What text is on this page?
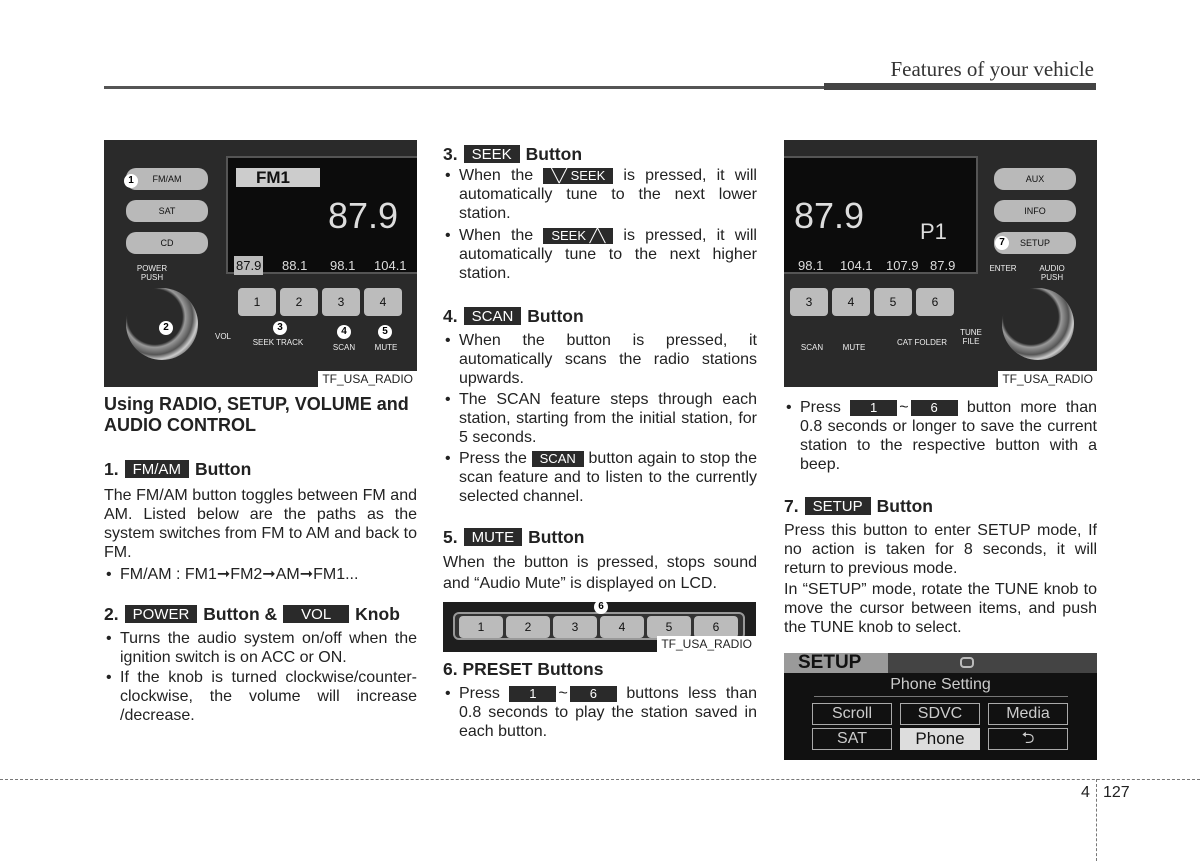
Features of your vehicle
FM1
87.9
87.9 88.1 98.1 104.1
FM/AM
SAT
CD
POWER PUSH
VOL
1	2	3	4
SEEK TRACK
SCAN	MUTE
1
2	3	4	5
TF_USA_RADIO
Using RADIO, SETUP, VOLUME and AUDIO CONTROL
1. FM/AM Button
The FM/AM button toggles between FM and AM. Listed below are the paths as the system switches from FM to AM and back to FM.
• FM/AM : FM1➞FM2➞AM➞FM1...
2. POWER Button &	VOL	Knob
• Turns the audio system on/off when the ignition switch is on ACC or ON.
• If the knob is turned clockwise/counter-clockwise, the volume will increase /decrease.
3. SEEK Button
• When the ╲╱ SEEK is pressed, it will automatically tune to the next lower station.
• When the SEEK ╱╲ is pressed, it will automatically tune to the next higher station.
4. SCAN Button
• When the button is pressed, it automatically scans the radio stations upwards.
• The SCAN feature steps through each station, starting from the initial station, for 5 seconds.
• Press the SCAN button again to stop the scan feature and to listen to the currently selected channel.
5. MUTE Button
When the button is pressed, stops sound and “Audio Mute” is displayed on LCD.
1	2	3	4	5	6
6
TF_USA_RADIO
6. PRESET Buttons
• Press 1 ~ 6 buttons less than 0.8 seconds to play the station saved in each button.
87.9	P1
98.1 104.1 107.9 87.9
AUX
INFO
SETUP
ENTER	AUDIO PUSH
TUNE FILE
3	4	5	6
SCAN	MUTE
CAT FOLDER
7
TF_USA_RADIO
• Press 1 ~ 6 button more than 0.8 seconds or longer to save the current station to the respective button with a beep.
7. SETUP Button
Press this button to enter SETUP mode, If no action is taken for 8 seconds, it will return to previous mode.
In “SETUP” mode, rotate the TUNE knob to move the cursor between items, and push the TUNE knob to select.
SETUP
Phone Setting
Scroll	SDVC	Media
SAT	Phone	⮌
4 127
